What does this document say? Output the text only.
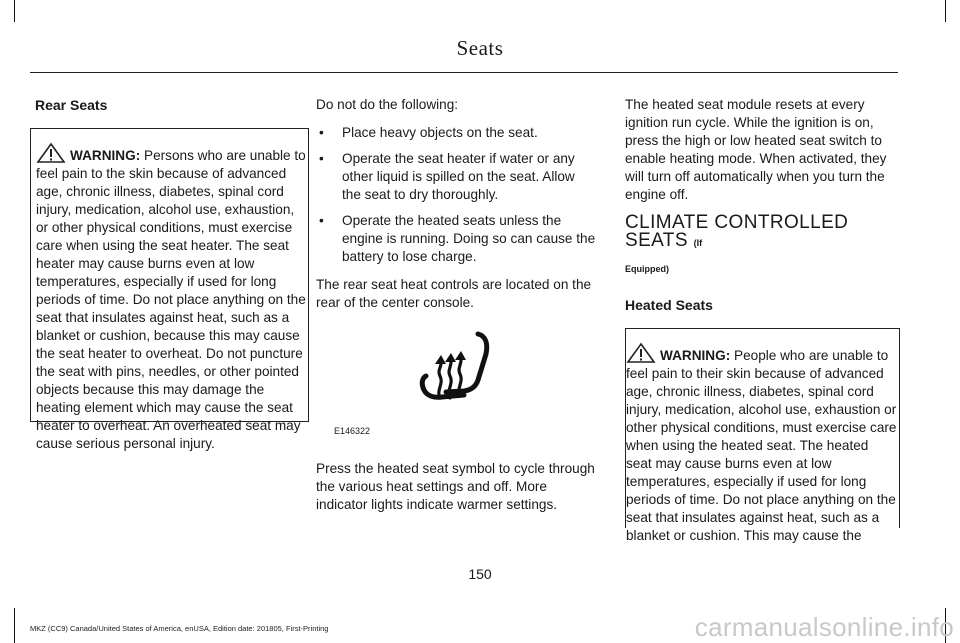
Seats
Rear Seats
WARNING: Persons who are unable to feel pain to the skin because of advanced age, chronic illness, diabetes, spinal cord injury, medication, alcohol use, exhaustion, or other physical conditions, must exercise care when using the seat heater. The seat heater may cause burns even at low temperatures, especially if used for long periods of time. Do not place anything on the seat that insulates against heat, such as a blanket or cushion, because this may cause the seat heater to overheat. Do not puncture the seat with pins, needles, or other pointed objects because this may damage the heating element which may cause the seat heater to overheat. An overheated seat may cause serious personal injury.
Do not do the following:
• Place heavy objects on the seat.
• Operate the seat heater if water or any other liquid is spilled on the seat. Allow the seat to dry thoroughly.
• Operate the heated seats unless the engine is running. Doing so can cause the battery to lose charge.
The rear seat heat controls are located on the rear of the center console.
E146322
Press the heated seat symbol to cycle through the various heat settings and off. More indicator lights indicate warmer settings.
The heated seat module resets at every ignition run cycle. While the ignition is on, press the high or low heated seat switch to enable heating mode. When activated, they will turn off automatically when you turn the engine off.
CLIMATE CONTROLLED SEATS (If
Equipped)
Heated Seats
WARNING: People who are unable to feel pain to their skin because of advanced age, chronic illness, diabetes, spinal cord injury, medication, alcohol use, exhaustion or other physical conditions, must exercise care when using the heated seat. The heated seat may cause burns even at low temperatures, especially if used for long periods of time. Do not place anything on the seat that insulates against heat, such as a blanket or cushion. This may cause the
150
MKZ (CC9) Canada/United States of America, enUSA, Edition date: 201805, First-Printing	carmanualsonline.info
